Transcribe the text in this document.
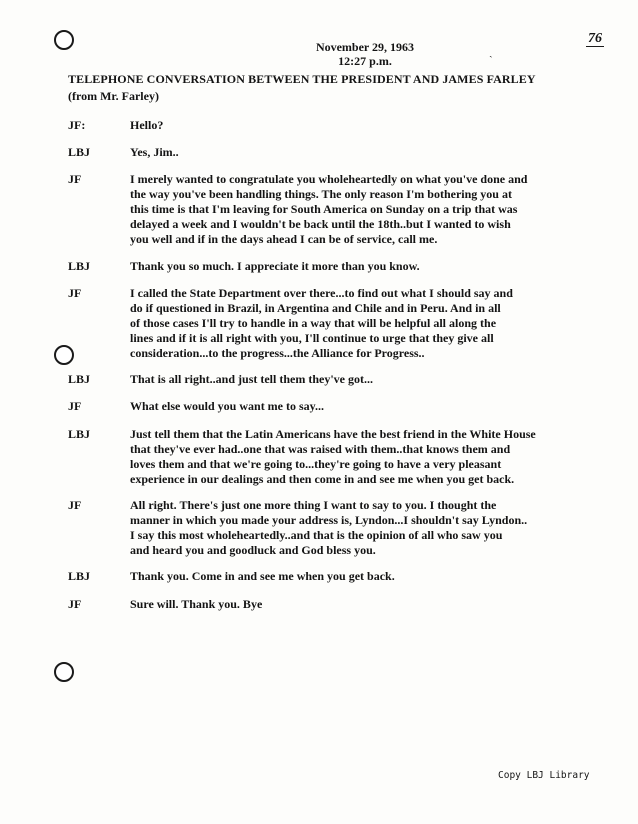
November 29, 1963
12:27 p.m.
ˎ
76
TELEPHONE CONVERSATION BETWEEN THE PRESIDENT AND JAMES FARLEY
(from Mr. Farley)
JF:	Hello?
LBJ	Yes, Jim..
JF	I merely wanted to congratulate you wholeheartedly on what you've done and
the way you've been handling things. The only reason I'm bothering you at
this time is that I'm leaving for South America on Sunday on a trip that was
delayed a week and I wouldn't be back until the 18th..but I wanted to wish
you well and if in the days ahead I can be of service, call me.
LBJ	Thank you so much. I appreciate it more than you know.
JF	I called the State Department over there...to find out what I should say and
do if questioned in Brazil, in Argentina and Chile and in Peru. And in all
of those cases I'll try to handle in a way that will be helpful all along the
lines and if it is all right with you, I'll continue to urge that they give all
consideration...to the progress...the Alliance for Progress..
LBJ	That is all right..and just tell them they've got...
JF	What else would you want me to say...
LBJ	Just tell them that the Latin Americans have the best friend in the White House
that they've ever had..one that was raised with them..that knows them and
loves them and that we're going to...they're going to have a very pleasant
experience in our dealings and then come in and see me when you get back.
JF	All right. There's just one more thing I want to say to you. I thought the
manner in which you made your address is, Lyndon...I shouldn't say Lyndon..
I say this most wholeheartedly..and that is the opinion of all who saw you
and heard you and goodluck and God bless you.
LBJ	Thank you. Come in and see me when you get back.
JF	Sure will. Thank you. Bye
Copy LBJ Library
